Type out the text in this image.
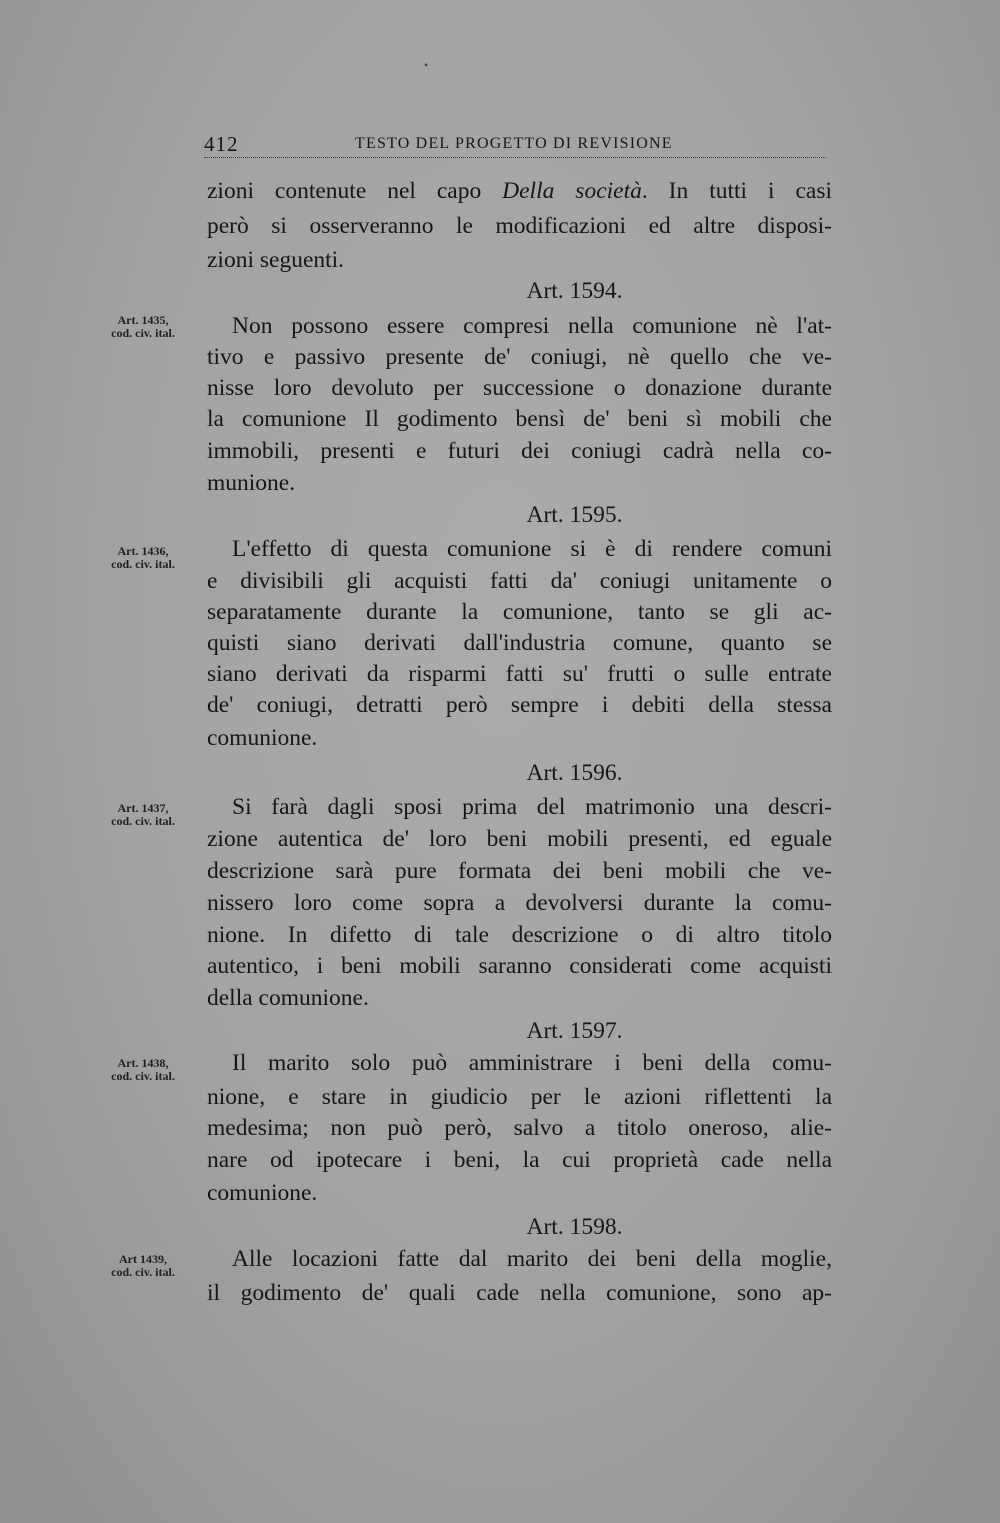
•
412	TESTO DEL PROGETTO DI REVISIONE
zioni contenute nel capo Della società. In tutti i casi
però si osserveranno le modificazioni ed altre disposi-
zioni seguenti.
Art. 1594.
Art. 1435,
cod. civ. ital.	Non possono essere compresi nella comunione nè l'at-
tivo e passivo presente de' coniugi, nè quello che ve-
nisse loro devoluto per successione o donazione durante
la comunione Il godimento bensì de' beni sì mobili che
immobili, presenti e futuri dei coniugi cadrà nella co-
munione.
Art. 1595.
Art. 1436,
cod. civ. ital.
L'effetto di questa comunione si è di rendere comuni
e divisibili gli acquisti fatti da' coniugi unitamente o
separatamente durante la comunione, tanto se gli ac-
quisti siano derivati dall'industria comune, quanto se
siano derivati da risparmi fatti su' frutti o sulle entrate
de' coniugi, detratti però sempre i debiti della stessa
comunione.
Art. 1596.
Art. 1437,
cod. civ. ital.
Si farà dagli sposi prima del matrimonio una descri-
zione autentica de' loro beni mobili presenti, ed eguale
descrizione sarà pure formata dei beni mobili che ve-
nissero loro come sopra a devolversi durante la comu-
nione. In difetto di tale descrizione o di altro titolo
autentico, i beni mobili saranno considerati come acquisti
della comunione.
Art. 1597.
Art. 1438,
cod. civ. ital.	Il marito solo può amministrare i beni della comu-
nione, e stare in giudicio per le azioni riflettenti la
medesima; non può però, salvo a titolo oneroso, alie-
nare od ipotecare i beni, la cui proprietà cade nella
comunione.
Art. 1598.
Art 1439,
cod. civ. ital.	Alle locazioni fatte dal marito dei beni della moglie,
il godimento de' quali cade nella comunione, sono ap-
